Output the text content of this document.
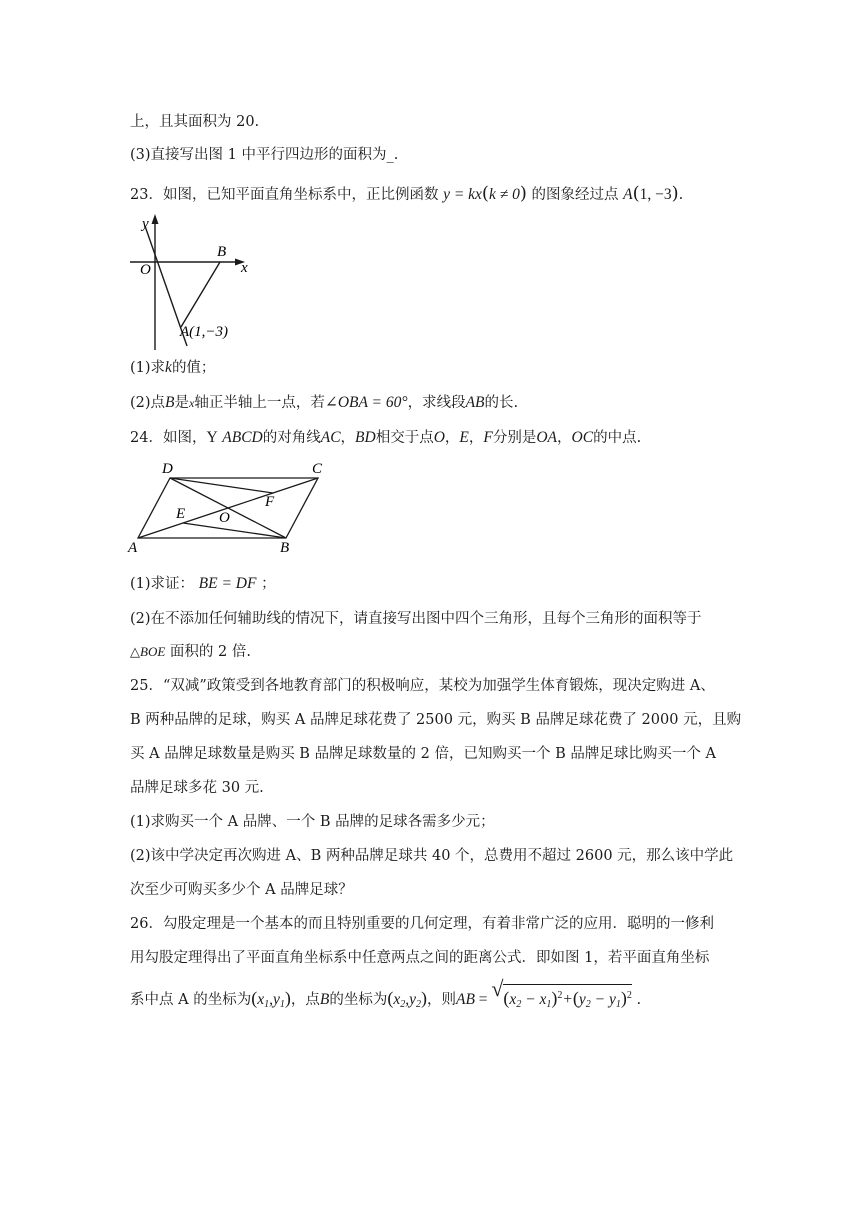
上，且其面积为 20.
(3)直接写出图 1 中平行四边形的面积为_.
23．如图，已知平面直角坐标系中，正比例函数 y = kx(k ≠ 0) 的图象经过点 A(1, −3).
y
x
O
B
A(1,−3)
(1)求k的值；
(2)点B是x轴正半轴上一点，若∠OBA = 60°，求线段AB的长.
24．如图，Y ABCD的对角线AC，BD相交于点O，E，F分别是OA，OC的中点.
D	C
A	B
E O
F
(1)求证： BE = DF ；
(2)在不添加任何辅助线的情况下，请直接写出图中四个三角形，且每个三角形的面积等于
△BOE 面积的 2 倍.
25．“双减”政策受到各地教育部门的积极响应，某校为加强学生体育锻炼，现决定购进 A、
B 两种品牌的足球，购买 A 品牌足球花费了 2500 元，购买 B 品牌足球花费了 2000 元，且购
买 A 品牌足球数量是购买 B 品牌足球数量的 2 倍，已知购买一个 B 品牌足球比购买一个 A
品牌足球多花 30 元.
(1)求购买一个 A 品牌、一个 B 品牌的足球各需多少元；
(2)该中学决定再次购进 A、B 两种品牌足球共 40 个，总费用不超过 2600 元，那么该中学此
次至少可购买多少个 A 品牌足球？
26．勾股定理是一个基本的而且特别重要的几何定理，有着非常广泛的应用．聪明的一修利
用勾股定理得出了平面直角坐标系中任意两点之间的距离公式．即如图 1，若平面直角坐标
系中点 A 的坐标为$(x_1,y_1)$，点B的坐标为$(x_2,y_2)$，则AB = √ $(x_2 - x_1)^2+(y_2 - y_1)^2$ .
